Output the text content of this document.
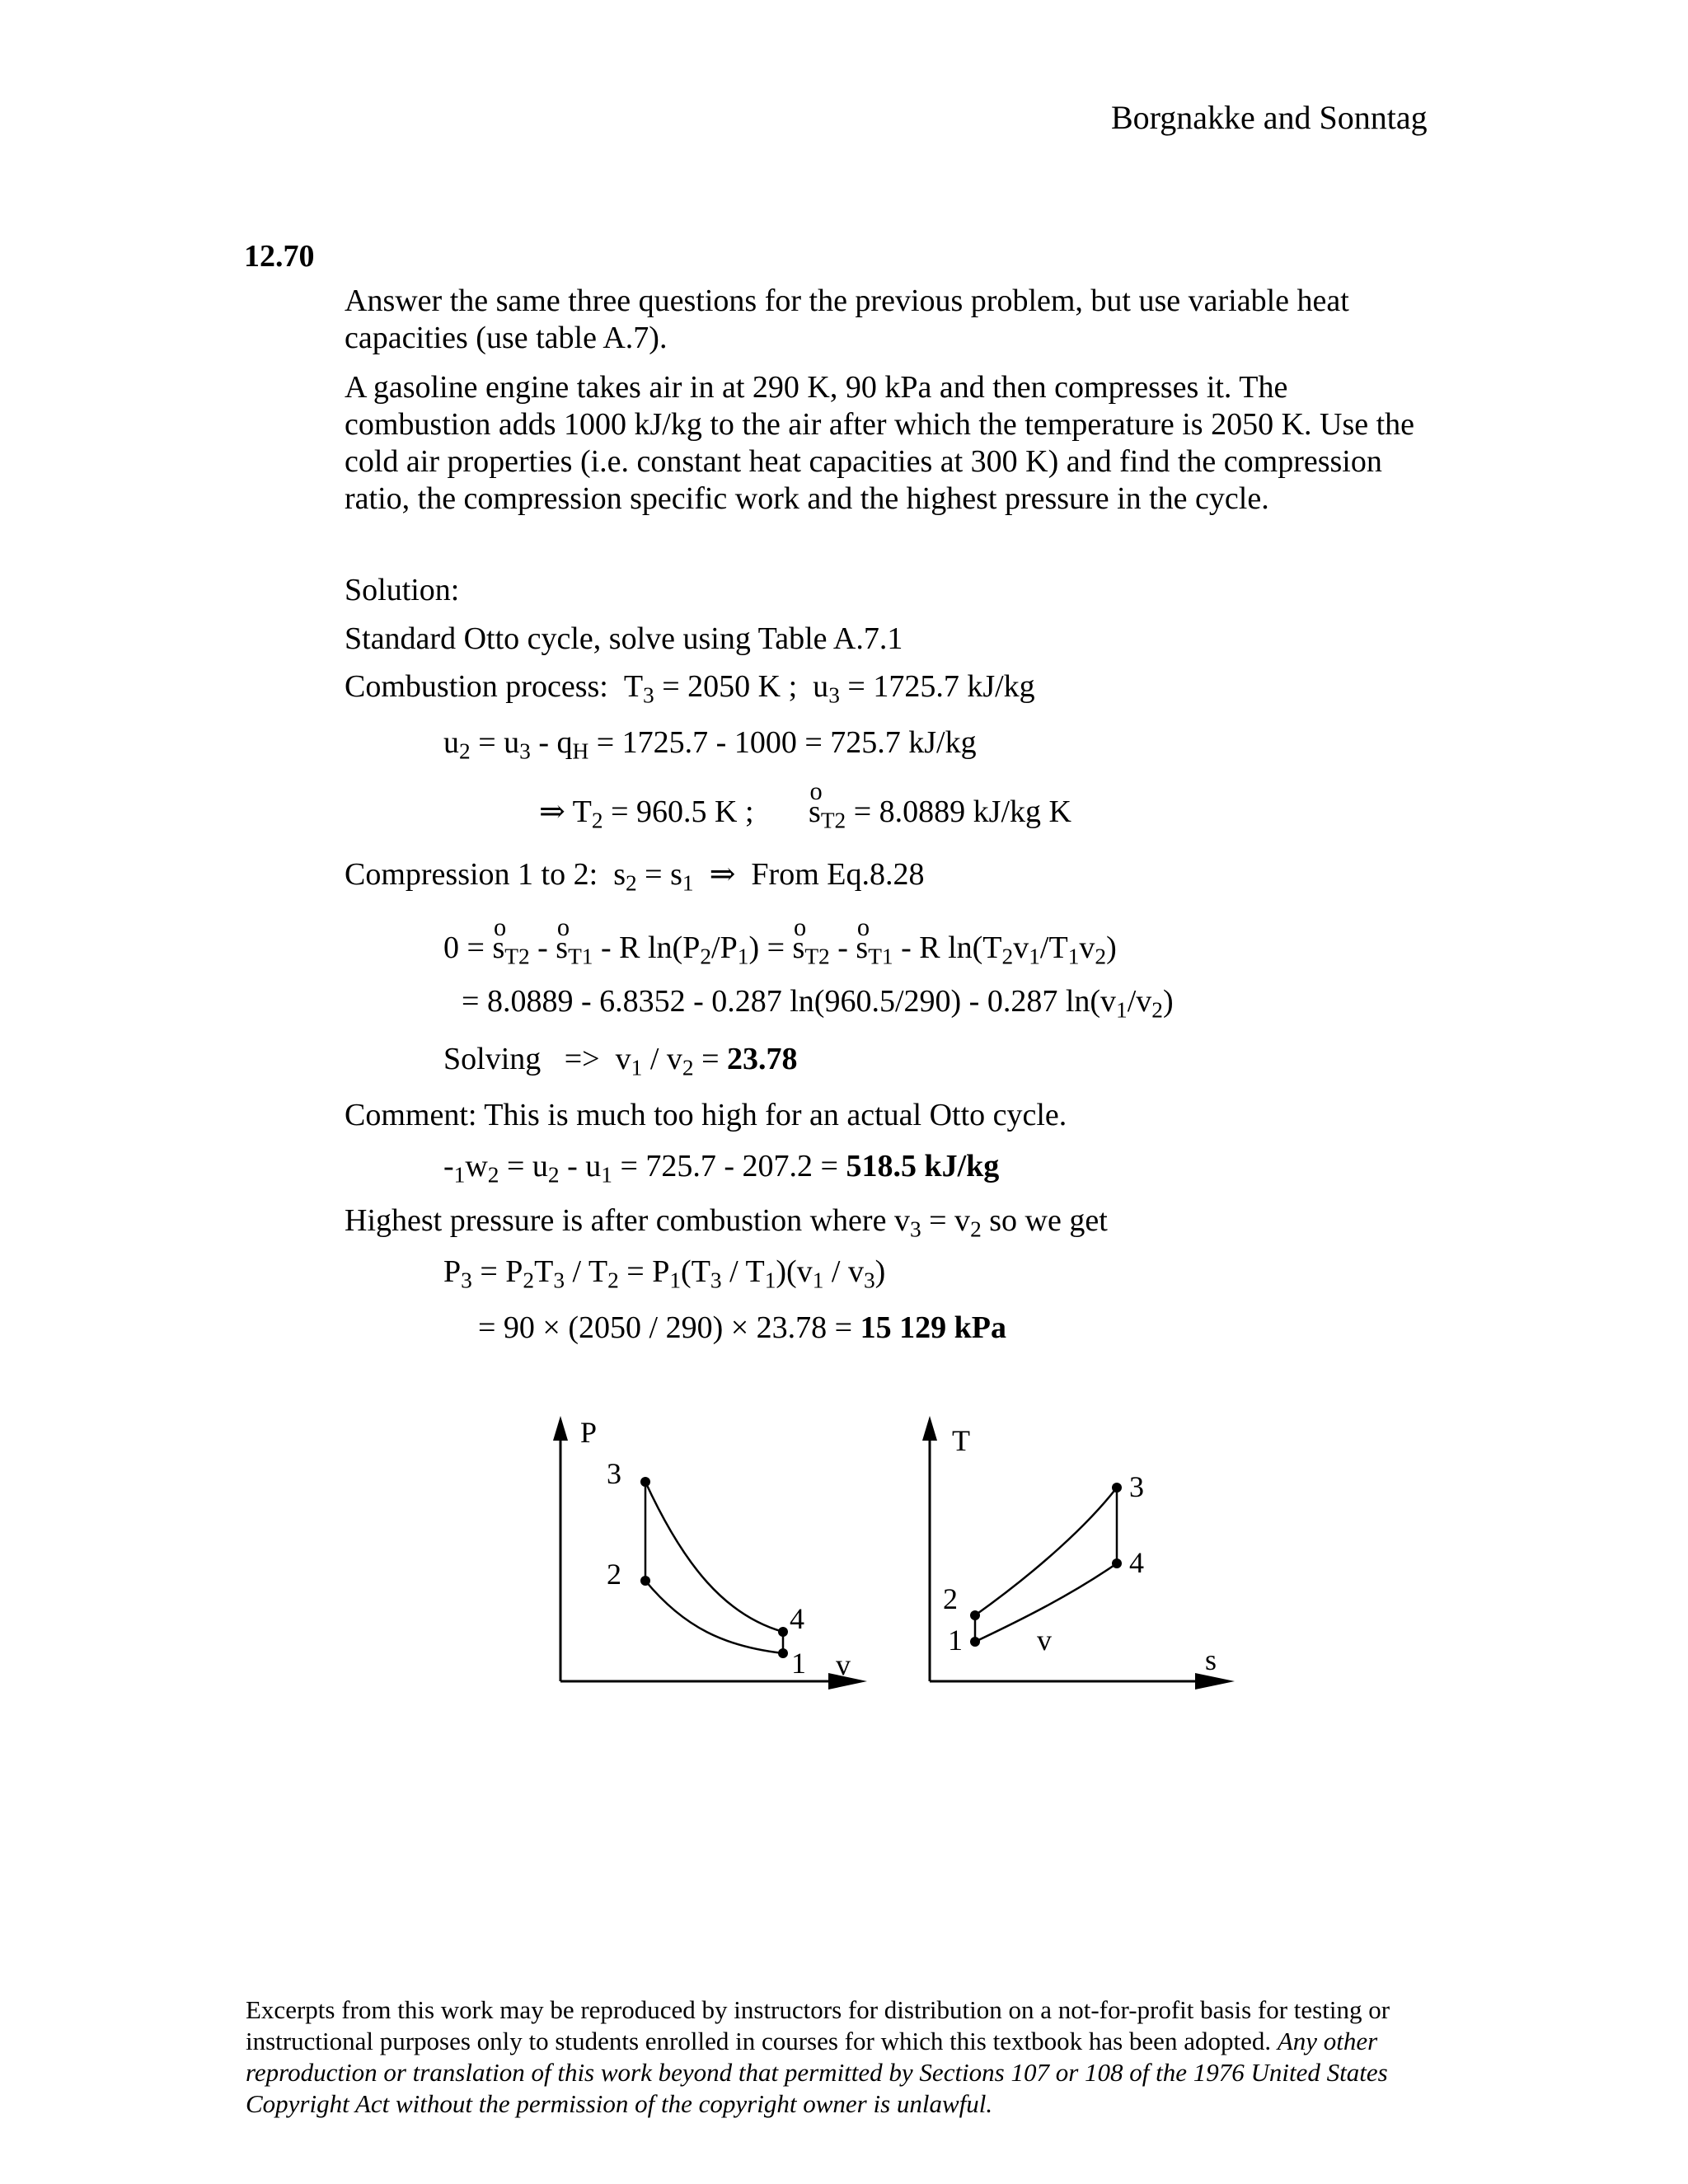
Borgnakke and Sonntag
12.70
Answer the same three questions for the previous problem, but use variable heat capacities (use table A.7).
A gasoline engine takes air in at 290 K, 90 kPa and then compresses it. The combustion adds 1000 kJ/kg to the air after which the temperature is 2050 K. Use the cold air properties (i.e. constant heat capacities at 300 K) and find the compression ratio, the compression specific work and the highest pressure in the cycle.
Solution:
Standard Otto cycle, solve using Table A.7.1
Combustion process:  $T_3 = 2050$ K ;  $u_3 = 1725.7$ kJ/kg
$u_2 = u_3 - q_H = 1725.7 - 1000 = 725.7$ kJ/kg
⇒ $T_2 = 960.5$ K ;       o $s_{T2} = 8.0889$ kJ/kg K
Compression 1 to 2:  $s_2 = s_1$  ⇒  From Eq.8.28
0 = o $s_{T2}$ - o $s_{T1}$ - R $\ln(P_2/P_1) = o$ $s_{T2}$ - o $s_{T1}$ - R $\ln(T_2v_1/T_1v_2)$
= 8.0889 - 6.8352 - 0.287 ln(960.5/290) - 0.287 $\ln(v_1/v_2)$
Solving   =>  $v_1 / v_2 = 23.78$
Comment: This is much too high for an actual Otto cycle.
$-_1w_2 = u_2 - u_1 = 725.7 - 207.2 = 518.5$ kJ/kg
Highest pressure is after combustion where $v_3 = v_2$ so we get
$P_3 = P_2T_3 / T_2 = P_1(T_3 / T_1)(v_1 / v_3)$
= 90 × (2050 / 290) × 23.78 = 15 129 kPa
P
v
3
2
4
1
T
s
2
1
3
4
v
Excerpts from this work may be reproduced by instructors for distribution on a not-for-profit basis for testing or instructional purposes only to students enrolled in courses for which this textbook has been adopted. Any other reproduction or translation of this work beyond that permitted by Sections 107 or 108 of the 1976 United States Copyright Act without the permission of the copyright owner is unlawful.
